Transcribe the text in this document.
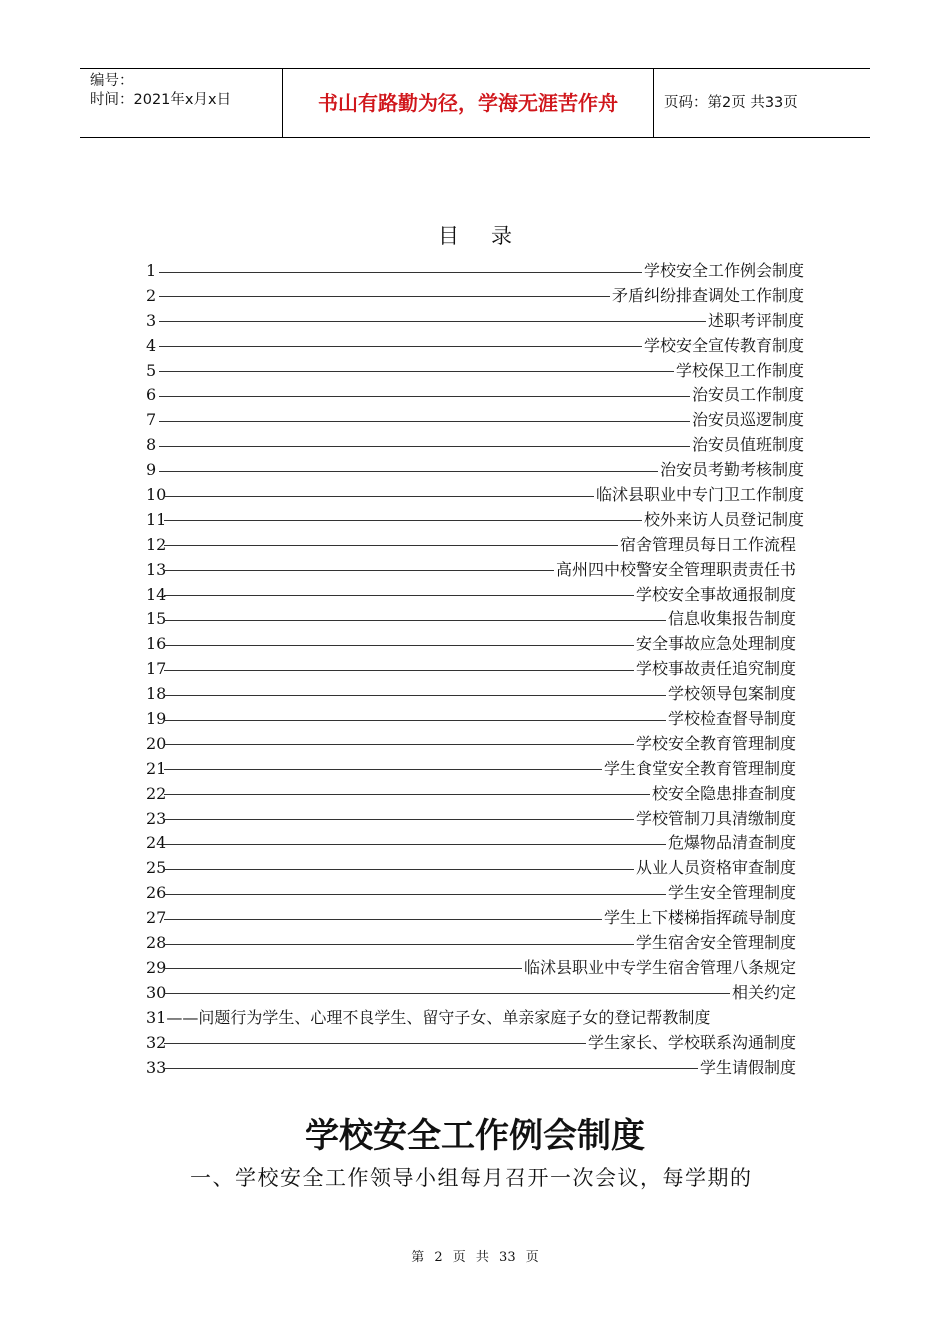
编号：
时间：2021年x月x日	书山有路勤为径，学海无涯苦作舟	页码：第2页 共33页
目 录
1	学校安全工作例会制度
2	矛盾纠纷排查调处工作制度
3	述职考评制度
4	学校安全宣传教育制度
5	学校保卫工作制度
6	治安员工作制度
7	治安员巡逻制度
8	治安员值班制度
9	治安员考勤考核制度
10	临沭县职业中专门卫工作制度
11	校外来访人员登记制度
12	宿舍管理员每日工作流程
13	高州四中校警安全管理职责责任书
14	学校安全事故通报制度
15	信息收集报告制度
16	安全事故应急处理制度
17	学校事故责任追究制度
18	学校领导包案制度
19	学校检查督导制度
20	学校安全教育管理制度
21	学生食堂安全教育管理制度
22	校安全隐患排查制度
23	学校管制刀具清缴制度
24	危爆物品清查制度
25	从业人员资格审查制度
26	学生安全管理制度
27	学生上下楼梯指挥疏导制度
28	学生宿舍安全管理制度
29	临沭县职业中专学生宿舍管理八条规定
30	相关约定
31——问题行为学生、心理不良学生、留守子女、单亲家庭子女的登记帮教制度
32	学生家长、学校联系沟通制度
33	学生请假制度
学校安全工作例会制度
一、学校安全工作领导小组每月召开一次会议，每学期的
第 2 页 共 33 页
